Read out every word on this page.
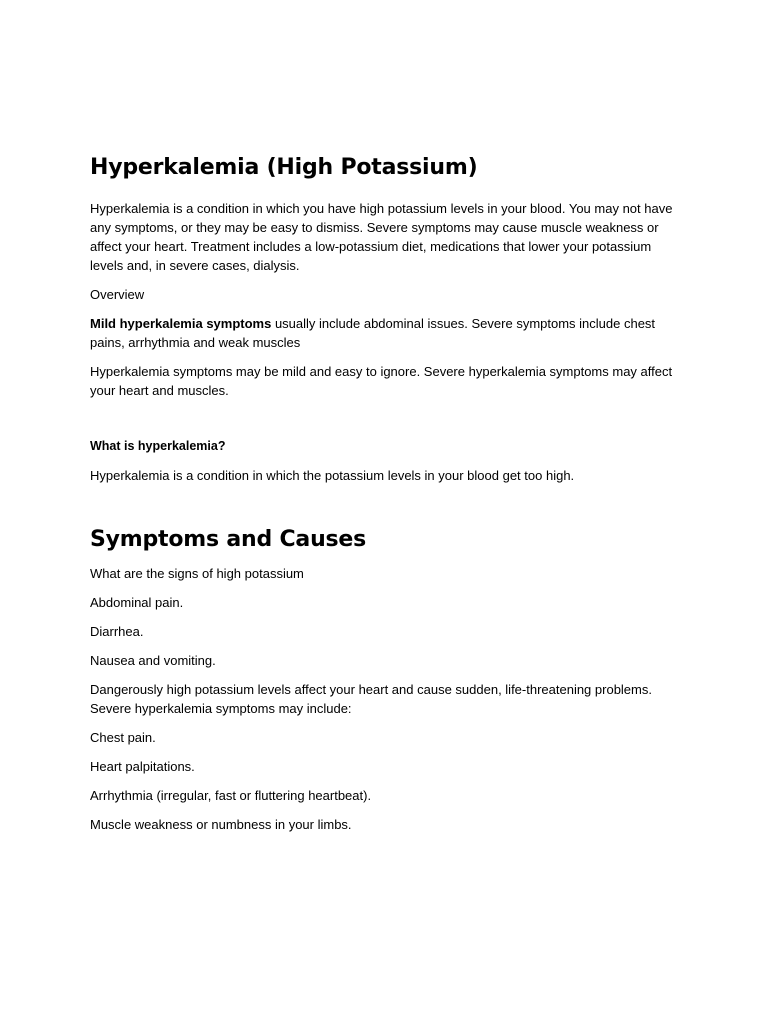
Hyperkalemia (High Potassium)

Hyperkalemia is a condition in which you have high potassium levels in your blood. You may not have any symptoms, or they may be easy to dismiss. Severe symptoms may cause muscle weakness or affect your heart. Treatment includes a low-potassium diet, medications that lower your potassium levels and, in severe cases, dialysis.

Overview

Mild hyperkalemia symptoms usually include abdominal issues. Severe symptoms include chest pains, arrhythmia and weak muscles

Hyperkalemia symptoms may be mild and easy to ignore. Severe hyperkalemia symptoms may affect your heart and muscles.

What is hyperkalemia?

Hyperkalemia is a condition in which the potassium levels in your blood get too high.

Symptoms and Causes

What are the signs of high potassium

Abdominal pain.

Diarrhea.

Nausea and vomiting.

Dangerously high potassium levels affect your heart and cause sudden, life-threatening problems. Severe hyperkalemia symptoms may include:

Chest pain.

Heart palpitations.

Arrhythmia (irregular, fast or fluttering heartbeat).

Muscle weakness or numbness in your limbs.
